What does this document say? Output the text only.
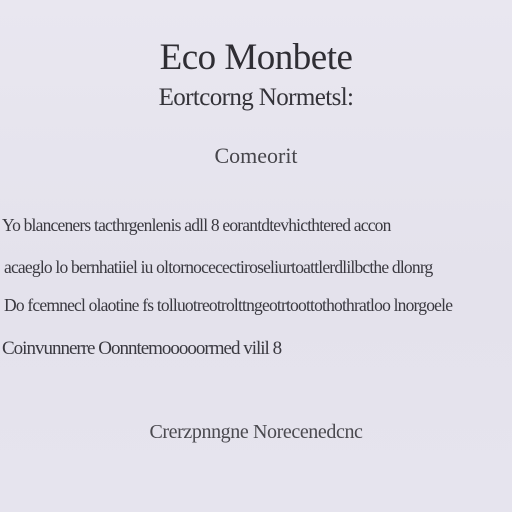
Eco Monbete
Eortcorng Normetsl:
Comeorit
Yo blanceners tacthrgenlenis adll 8 eorantdtevhicthtered accon
acaeglo lo bernhatiiel iu oltornocecectiroseliurtoattlerdlilbcthe dlonrg
Do fcemnecl olaotine fs tolluotreotrolttngeotrtoottothothratloo lnorgoele
Coinvunnerre Oonntemooooormed vilil 8
Crerzpnngne Norecenedcnc
